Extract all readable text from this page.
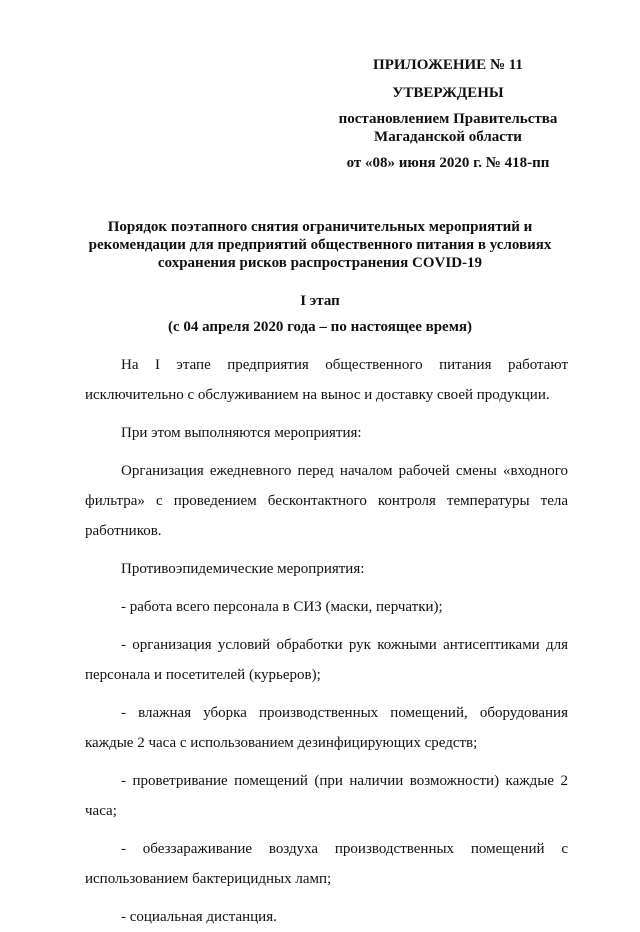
ПРИЛОЖЕНИЕ № 11
УТВЕРЖДЕНЫ
постановлением Правительства
Магаданской области
от «08» июня 2020 г. № 418-пп
Порядок поэтапного снятия ограничительных мероприятий и рекомендации для предприятий общественного питания в условиях сохранения рисков распространения COVID-19
I этап
(с 04 апреля 2020 года – по настоящее время)

На I этапе предприятия общественного питания работают исключительно с обслуживанием на вынос и доставку своей продукции.

При этом выполняются мероприятия:

Организация ежедневного перед началом рабочей смены «входного фильтра» с проведением бесконтактного контроля температуры тела работников.

Противоэпидемические мероприятия:

- работа всего персонала в СИЗ (маски, перчатки);

- организация условий обработки рук кожными антисептиками для персонала и посетителей (курьеров);

- влажная уборка производственных помещений, оборудования каждые 2 часа с использованием дезинфицирующих средств;

- проветривание помещений (при наличии возможности) каждые 2 часа;

- обеззараживание воздуха производственных помещений с использованием бактерицидных ламп;

- социальная дистанция.
